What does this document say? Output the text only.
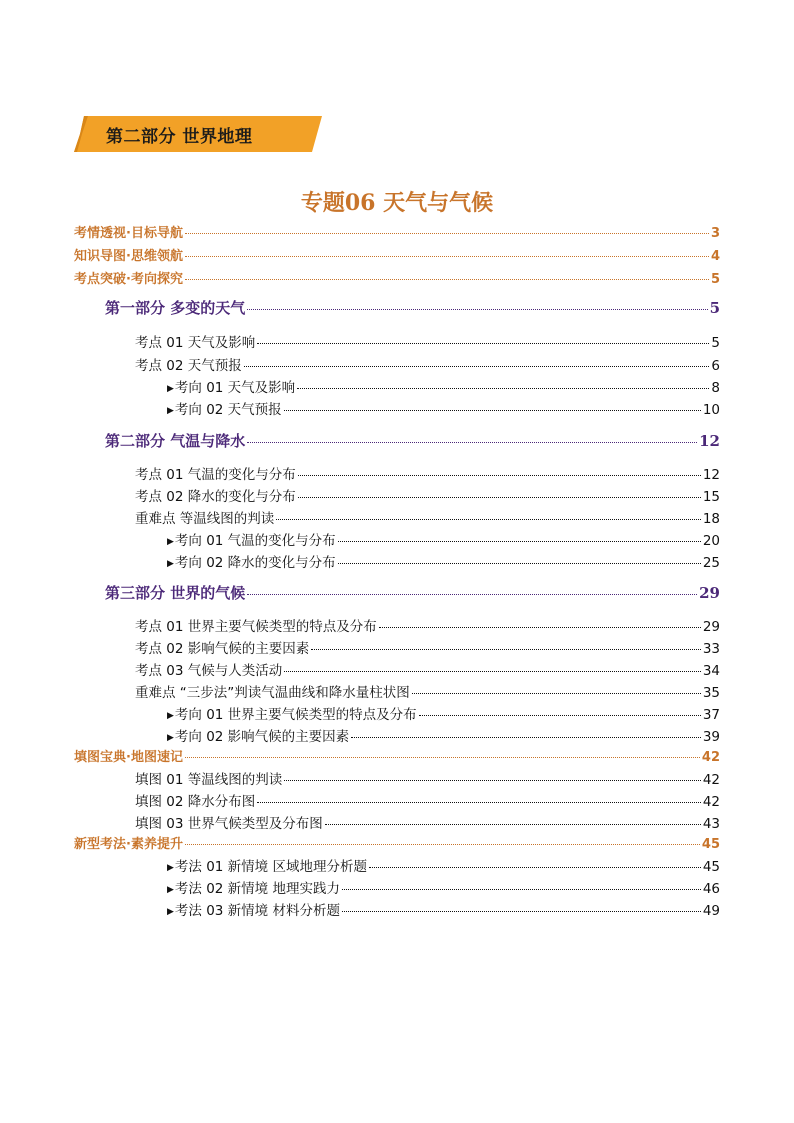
第二部分 世界地理
专题06 天气与气候
考情透视·目标导航	3
知识导图·思维领航	4
考点突破·考向探究	5
第一部分 多变的天气	5
考点 01 天气及影响	5
考点 02 天气预报	6
▶考向 01 天气及影响	8
▶考向 02 天气预报	10
第二部分 气温与降水	12
考点 01 气温的变化与分布	12
考点 02 降水的变化与分布	15
重难点 等温线图的判读	18
▶考向 01 气温的变化与分布	20
▶考向 02 降水的变化与分布	25
第三部分 世界的气候	29
考点 01 世界主要气候类型的特点及分布	29
考点 02 影响气候的主要因素	33
考点 03 气候与人类活动	34
重难点 “三步法”判读气温曲线和降水量柱状图	35
▶考向 01 世界主要气候类型的特点及分布	37
▶考向 02 影响气候的主要因素	39
填图宝典·地图速记	42
填图 01 等温线图的判读	42
填图 02 降水分布图	42
填图 03 世界气候类型及分布图	43
新型考法·素养提升	45
▶考法 01 新情境 区域地理分析题	45
▶考法 02 新情境 地理实践力	46
▶考法 03 新情境 材料分析题	49
